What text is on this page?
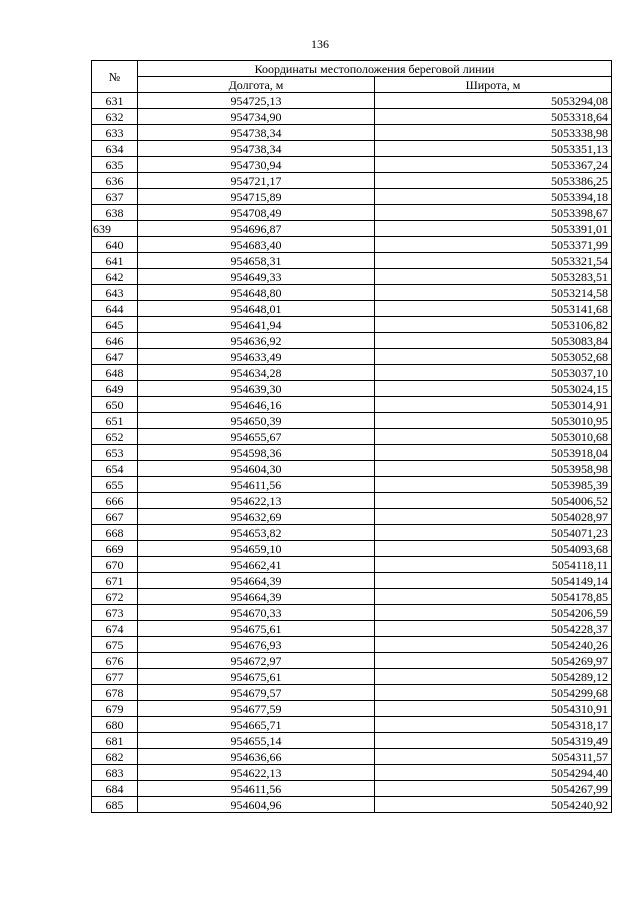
136
№	Координаты местоположения береговой линии	
	Долгота, м	Широта, м
631	954725,13	5053294,08
632	954734,90	5053318,64
633	954738,34	5053338,98
634	954738,34	5053351,13
635	954730,94	5053367,24
636	954721,17	5053386,25
637	954715,89	5053394,18
638	954708,49	5053398,67
639	954696,87	5053391,01
640	954683,40	5053371,99
641	954658,31	5053321,54
642	954649,33	5053283,51
643	954648,80	5053214,58
644	954648,01	5053141,68
645	954641,94	5053106,82
646	954636,92	5053083,84
647	954633,49	5053052,68
648	954634,28	5053037,10
649	954639,30	5053024,15
650	954646,16	5053014,91
651	954650,39	5053010,95
652	954655,67	5053010,68
653	954598,36	5053918,04
654	954604,30	5053958,98
655	954611,56	5053985,39
666	954622,13	5054006,52
667	954632,69	5054028,97
668	954653,82	5054071,23
669	954659,10	5054093,68
670	954662,41	5054118,11
671	954664,39	5054149,14
672	954664,39	5054178,85
673	954670,33	5054206,59
674	954675,61	5054228,37
675	954676,93	5054240,26
676	954672,97	5054269,97
677	954675,61	5054289,12
678	954679,57	5054299,68
679	954677,59	5054310,91
680	954665,71	5054318,17
681	954655,14	5054319,49
682	954636,66	5054311,57
683	954622,13	5054294,40
684	954611,56	5054267,99
685	954604,96	5054240,92
